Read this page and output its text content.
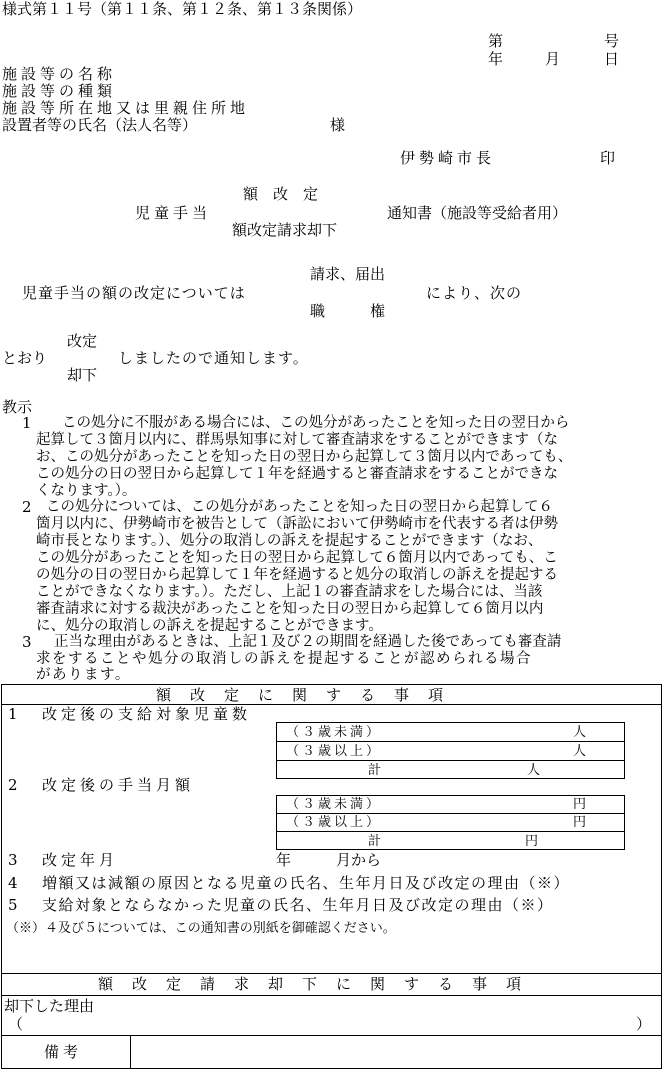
様式第１１号（第１１条、第１２条、第１３条関係）
第	号
年	月	日
施設等の名称
施設等の種類
施設等所在地又は里親住所地
設置者等の氏名（法人名等）	様
伊勢崎市長	印
額　改　定
児童手当	通知書（施設等受給者用）
額改定請求却下
請求、届出
児童手当の額の改定については	により、次の
職　　　権
改定
とおり	しましたので通知します。
却下
教示
1 この処分に不服がある場合には、この処分があったことを知った日の翌日から
起算して３箇月以内に、群馬県知事に対して審査請求をすることができます（な
お、この処分があったことを知った日の翌日から起算して３箇月以内であっても、
この処分の日の翌日から起算して１年を経過すると審査請求をすることができな
くなります。）。
2 この処分については、この処分があったことを知った日の翌日から起算して６
箇月以内に、伊勢崎市を被告として（訴訟において伊勢崎市を代表する者は伊勢
崎市長となります。）、処分の取消しの訴えを提起することができます（なお、
この処分があったことを知った日の翌日から起算して６箇月以内であっても、こ
の処分の日の翌日から起算して１年を経過すると処分の取消しの訴えを提起する
ことができなくなります。）。ただし、上記１の審査請求をした場合には、当該
審査請求に対する裁決があったことを知った日の翌日から起算して６箇月以内
に、処分の取消しの訴えを提起することができます。
3 正当な理由があるときは、上記１及び２の期間を経過した後であっても審査請
求をすることや処分の取消しの訴えを提起することが認められる場合
があります。
額　改　定　に　関　す　る　事　項
1 改定後の支給対象児童数
（３歳未満）	人
（３歳以上）	人
計	人
2 改定後の手当月額
（３歳未満）	円
（３歳以上）	円
計	円
3 改定年月	年	月から
4 増額又は減額の原因となる児童の氏名、生年月日及び改定の理由（※）
5 支給対象とならなかった児童の氏名、生年月日及び改定の理由（※）
（※）４及び５については、この通知書の別紙を御確認ください。
額　改　定　請　求　却　下　に　関　す　る　事　項
却下した理由
（	）
備考
